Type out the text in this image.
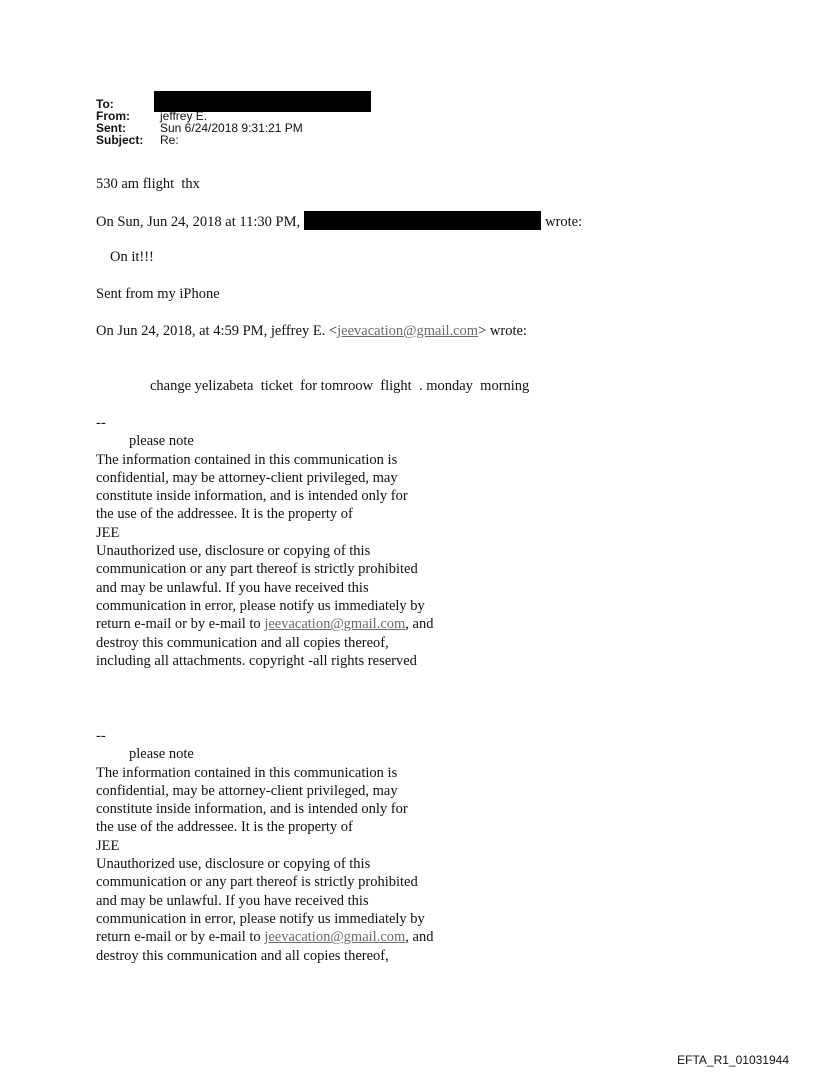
To:
From:	jeffrey E.
Sent:	Sun 6/24/2018 9:31:21 PM
Subject:	Re:
530 am flight  thx
On Sun, Jun 24, 2018 at 11:30 PM,	wrote:
On it!!!
Sent from my iPhone
On Jun 24, 2018, at 4:59 PM, jeffrey E. <jeevacation@gmail.com> wrote:
change yelizabeta  ticket  for tomroow  flight  . monday  morning
--
please note
The information contained in this communication is
confidential, may be attorney-client privileged, may
constitute inside information, and is intended only for
the use of the addressee. It is the property of
JEE
Unauthorized use, disclosure or copying of this
communication or any part thereof is strictly prohibited
and may be unlawful. If you have received this
communication in error, please notify us immediately by
return e-mail or by e-mail to jeevacation@gmail.com, and
destroy this communication and all copies thereof,
including all attachments. copyright -all rights reserved
--
please note
The information contained in this communication is
confidential, may be attorney-client privileged, may
constitute inside information, and is intended only for
the use of the addressee. It is the property of
JEE
Unauthorized use, disclosure or copying of this
communication or any part thereof is strictly prohibited
and may be unlawful. If you have received this
communication in error, please notify us immediately by
return e-mail or by e-mail to jeevacation@gmail.com, and
destroy this communication and all copies thereof,
EFTA_R1_01031944
